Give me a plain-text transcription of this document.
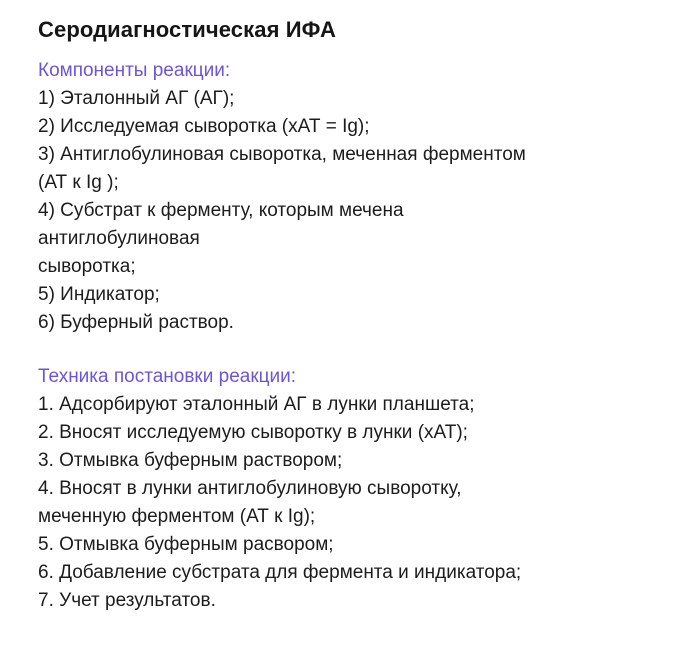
Серодиагностическая ИФА

Компоненты реакции:

1) Эталонный АГ (АГ);

2) Исследуемая сыворотка (хАТ = Ig);

3) Антиглобулиновая сыворотка, меченная ферментом
(АТ к Ig );

4) Субстрат к ферменту, которым мечена
антиглобулиновая
сыворотка;

5) Индикатор;

6) Буферный раствор.

Техника постановки реакции:

1. Адсорбируют эталонный АГ в лунки планшета;

2. Вносят исследуемую сыворотку в лунки (хАТ);

3. Отмывка буферным раствором;

4. Вносят в лунки антиглобулиновую сыворотку,
меченную ферментом (АТ к Ig);

5. Отмывка буферным расвором;

6. Добавление субстрата для фермента и индикатора;

7. Учет результатов.
